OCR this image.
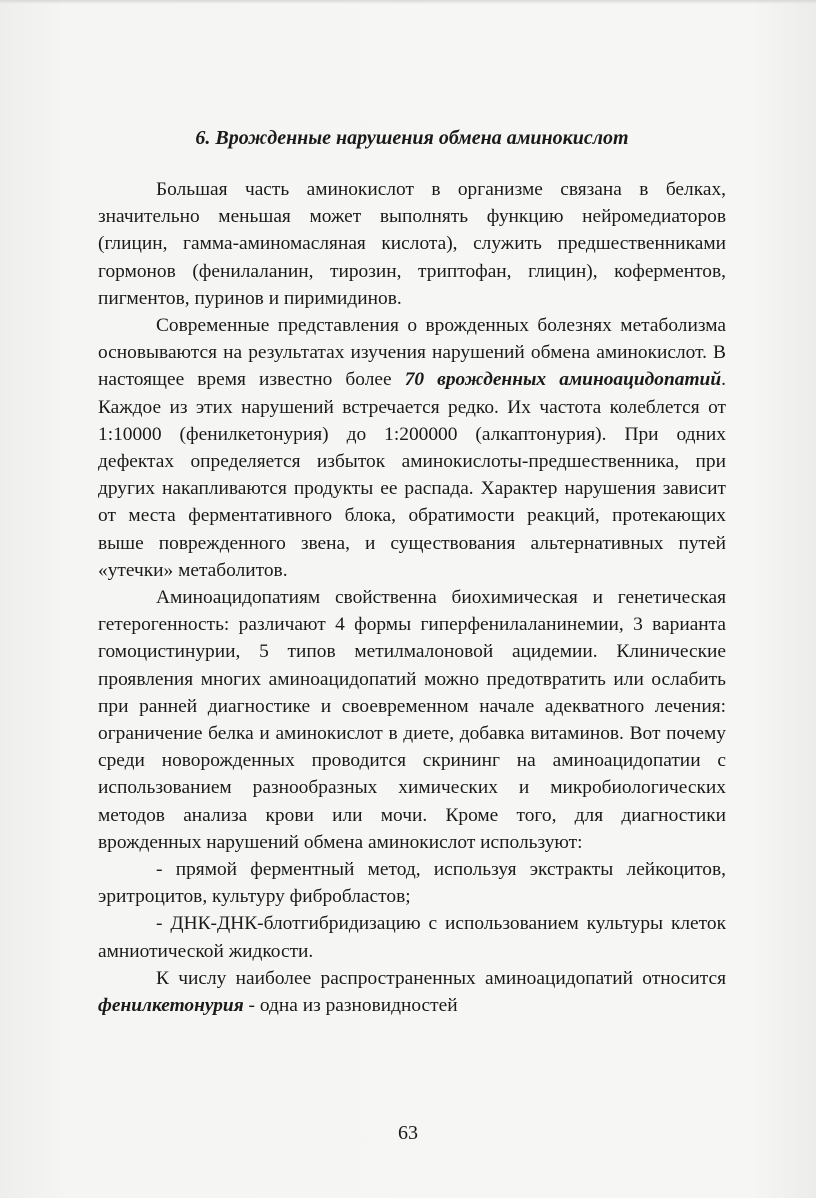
6. Врожденные нарушения обмена аминокислот

Большая часть аминокислот в организме связана в белках, значительно меньшая может выполнять функцию нейромедиаторов (глицин, гамма-аминомасляная кислота), служить предшественниками гормонов (фенилаланин, тирозин, триптофан, глицин), коферментов, пигментов, пуринов и пиримидинов.

Современные представления о врожденных болезнях метаболизма основываются на результатах изучения нарушений обмена аминокислот. В настоящее время известно более 70 врожденных аминоацидопатий. Каждое из этих нарушений встречается редко. Их частота колеблется от 1:10000 (фенилкетонурия) до 1:200000 (алкаптонурия). При одних дефектах определяется избыток аминокислоты-предшественника, при других накапливаются продукты ее распада. Характер нарушения зависит от места ферментативного блока, обратимости реакций, протекающих выше поврежденного звена, и существования альтернативных путей «утечки» метаболитов.

Аминоацидопатиям свойственна биохимическая и генетическая гетерогенность: различают 4 формы гиперфенилаланинемии, 3 варианта гомоцистинурии, 5 типов метилмалоновой ацидемии. Клинические проявления многих аминоацидопатий можно предотвратить или ослабить при ранней диагностике и своевременном начале адекватного лечения: ограничение белка и аминокислот в диете, добавка витаминов. Вот почему среди новорожденных проводится скрининг на аминоацидопатии с использованием разнообразных химических и микробиологических методов анализа крови или мочи. Кроме того, для диагностики врожденных нарушений обмена аминокислот используют:

- прямой ферментный метод, используя экстракты лейкоцитов, эритроцитов, культуру фибробластов;

- ДНК-ДНК-блотгибридизацию с использованием культуры клеток амниотической жидкости.

К числу наиболее распространенных аминоацидопатий относится фенилкетонурия - одна из разновидностей

63
